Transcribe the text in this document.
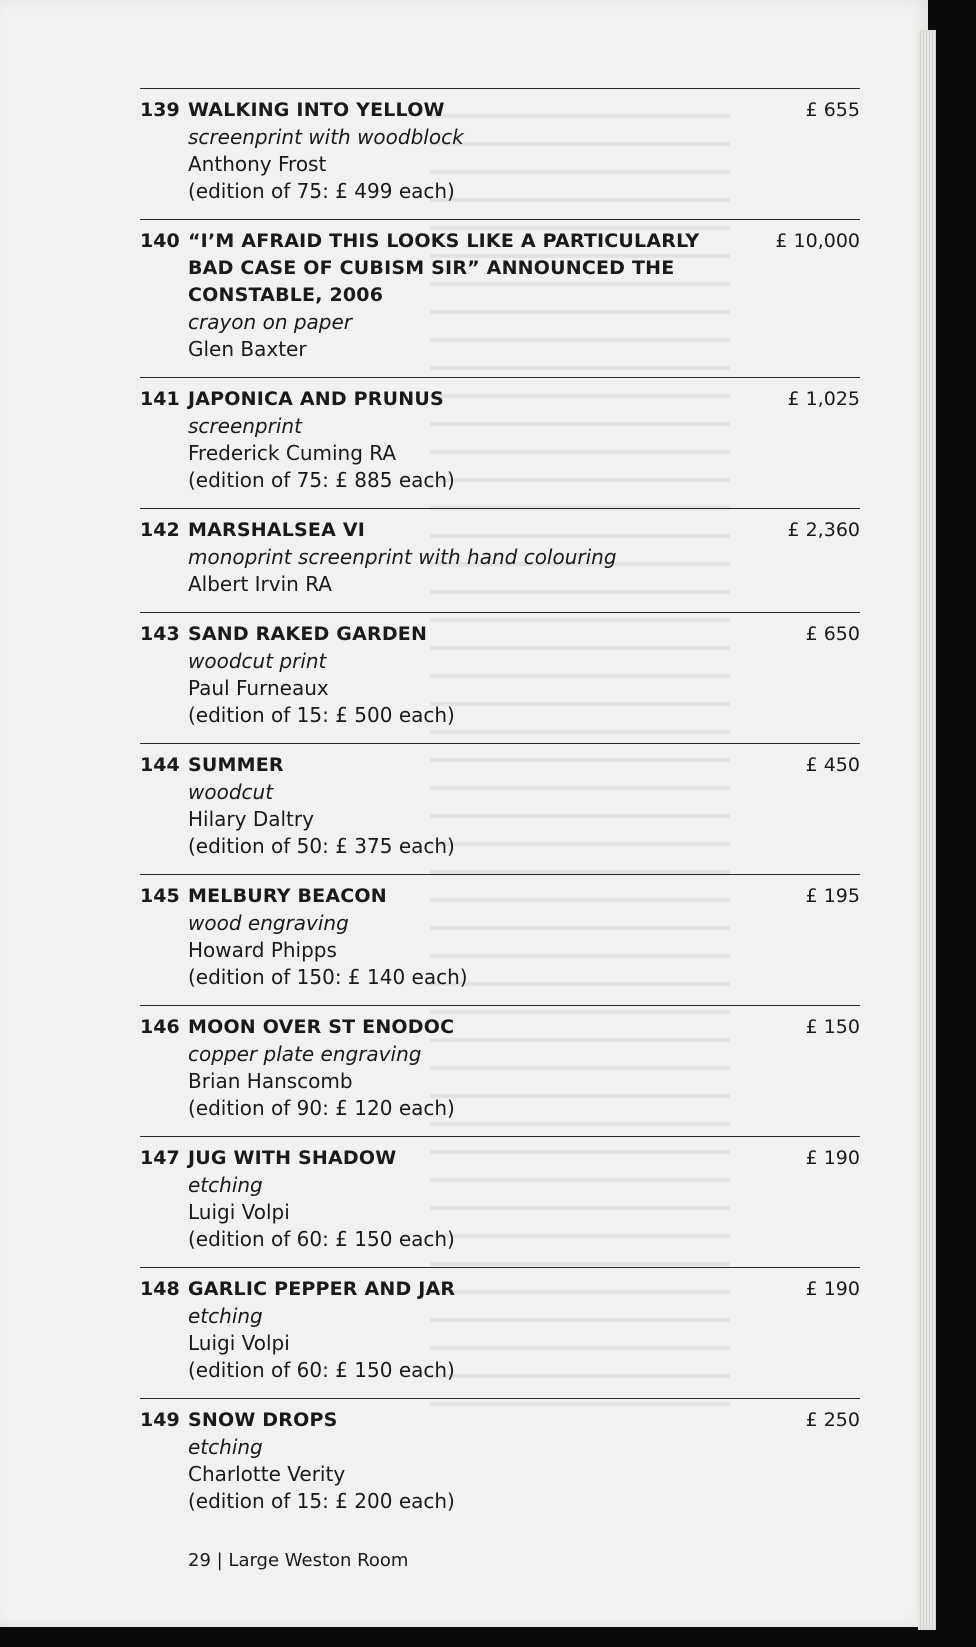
139 WALKING INTO YELLOW
screenprint with woodblock
Anthony Frost
(edition of 75: £ 499 each)
£ 655
140 “I’M AFRAID THIS LOOKS LIKE A PARTICULARLY BAD CASE OF CUBISM SIR” ANNOUNCED THE CONSTABLE, 2006
crayon on paper
Glen Baxter
£ 10,000
141 JAPONICA AND PRUNUS
screenprint
Frederick Cuming RA
(edition of 75: £ 885 each)
£ 1,025
142 MARSHALSEA VI
monoprint screenprint with hand colouring
Albert Irvin RA
£ 2,360
143 SAND RAKED GARDEN
woodcut print
Paul Furneaux
(edition of 15: £ 500 each)
£ 650
144 SUMMER
woodcut
Hilary Daltry
(edition of 50: £ 375 each)
£ 450
145 MELBURY BEACON
wood engraving
Howard Phipps
(edition of 150: £ 140 each)
£ 195
146 MOON OVER ST ENODOC
copper plate engraving
Brian Hanscomb
(edition of 90: £ 120 each)
£ 150
147 JUG WITH SHADOW
etching
Luigi Volpi
(edition of 60: £ 150 each)
£ 190
148 GARLIC PEPPER AND JAR
etching
Luigi Volpi
(edition of 60: £ 150 each)
£ 190
149 SNOW DROPS
etching
Charlotte Verity
(edition of 15: £ 200 each)
£ 250
29 | Large Weston Room
